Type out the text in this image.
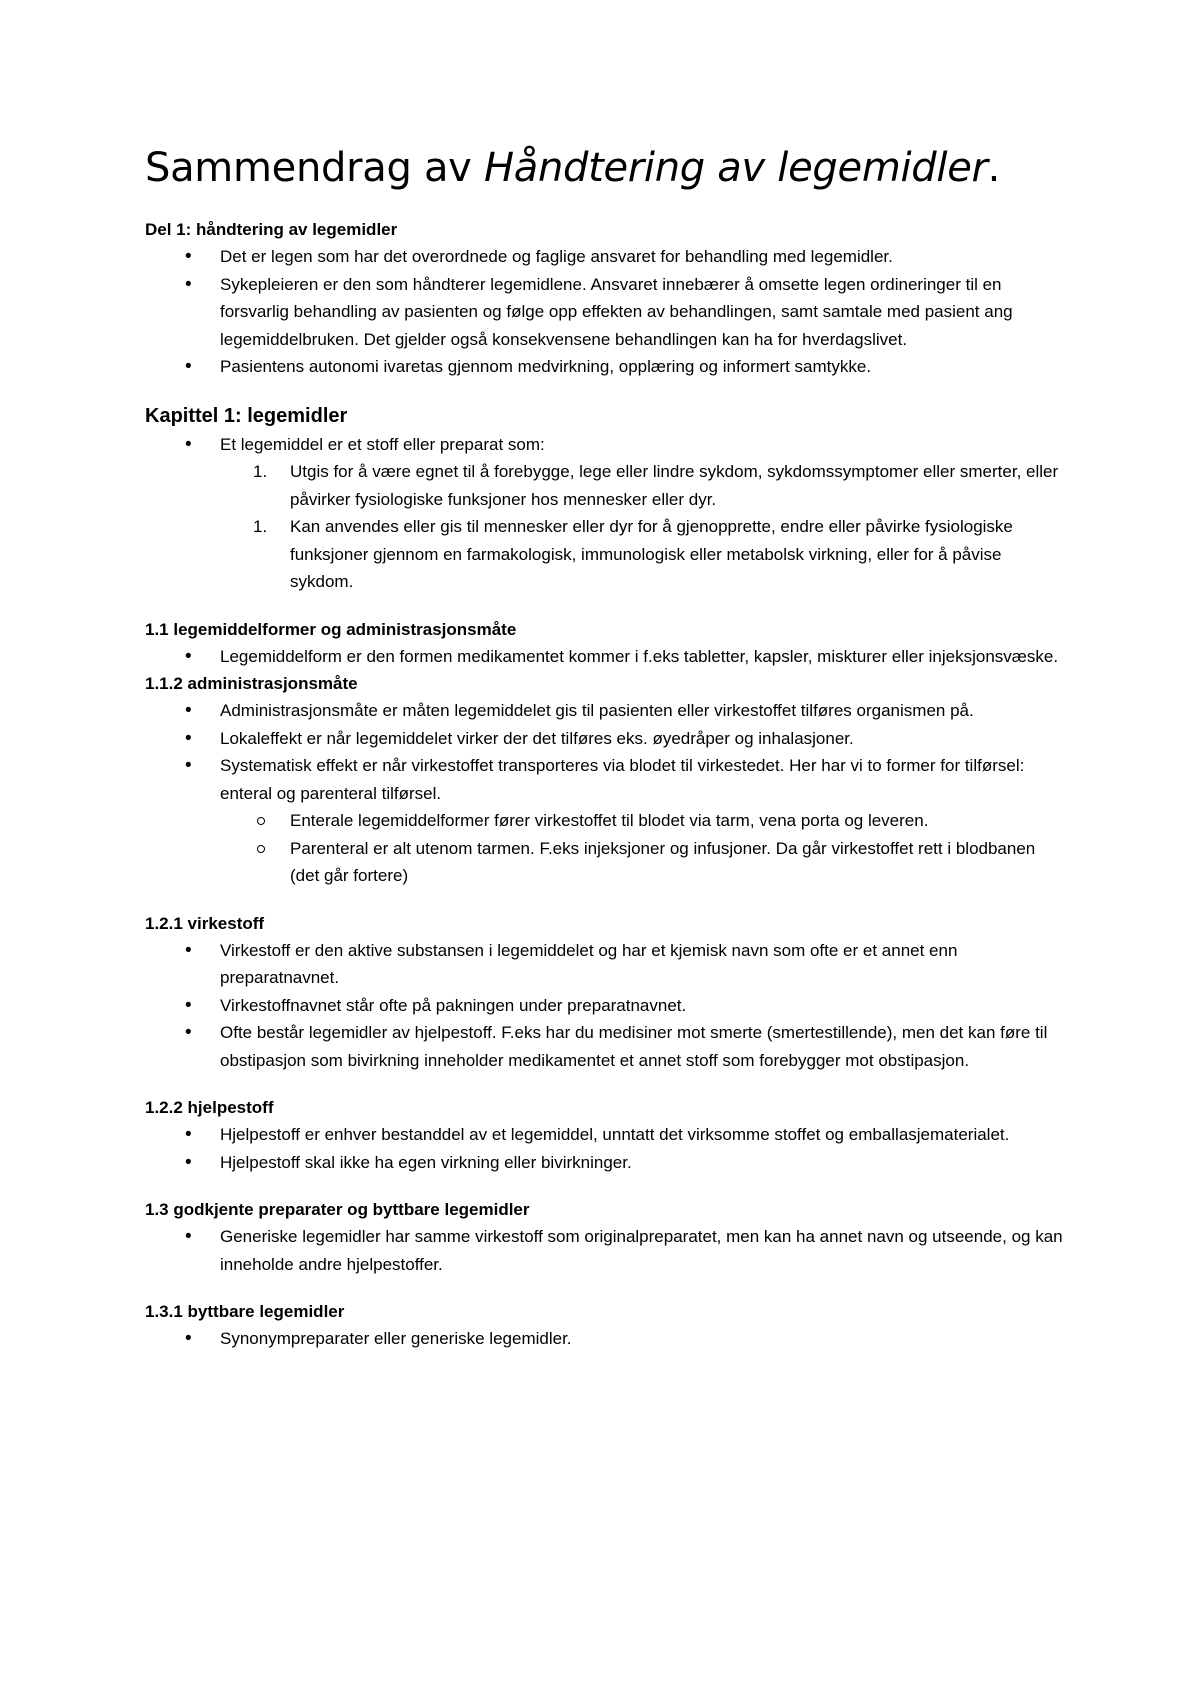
Sammendrag av Håndtering av legemidler.
Del 1: håndtering av legemidler
• Det er legen som har det overordnede og faglige ansvaret for behandling med legemidler.
• Sykepleieren er den som håndterer legemidlene. Ansvaret innebærer å omsette legen ordineringer til en forsvarlig behandling av pasienten og følge opp effekten av behandlingen, samt samtale med pasient ang legemiddelbruken. Det gjelder også konsekvensene behandlingen kan ha for hverdagslivet.
• Pasientens autonomi ivaretas gjennom medvirkning, opplæring og informert samtykke.
Kapittel 1: legemidler
• Et legemiddel er et stoff eller preparat som:
1. Utgis for å være egnet til å forebygge, lege eller lindre sykdom, sykdomssymptomer eller smerter, eller påvirker fysiologiske funksjoner hos mennesker eller dyr.
1. Kan anvendes eller gis til mennesker eller dyr for å gjenopprette, endre eller påvirke fysiologiske funksjoner gjennom en farmakologisk, immunologisk eller metabolsk virkning, eller for å påvise sykdom.
1.1 legemiddelformer og administrasjonsmåte
• Legemiddelform er den formen medikamentet kommer i f.eks tabletter, kapsler, miskturer eller injeksjonsvæske.
1.1.2 administrasjonsmåte
• Administrasjonsmåte er måten legemiddelet gis til pasienten eller virkestoffet tilføres organismen på.
• Lokaleffekt er når legemiddelet virker der det tilføres eks. øyedråper og inhalasjoner.
• Systematisk effekt er når virkestoffet transporteres via blodet til virkestedet. Her har vi to former for tilførsel: enteral og parenteral tilførsel.
Enterale legemiddelformer fører virkestoffet til blodet via tarm, vena porta og leveren.
Parenteral er alt utenom tarmen. F.eks injeksjoner og infusjoner. Da går virkestoffet rett i blodbanen (det går fortere)
1.2.1 virkestoff
• Virkestoff er den aktive substansen i legemiddelet og har et kjemisk navn som ofte er et annet enn preparatnavnet.
• Virkestoffnavnet står ofte på pakningen under preparatnavnet.
• Ofte består legemidler av hjelpestoff. F.eks har du medisiner mot smerte (smertestillende), men det kan føre til obstipasjon som bivirkning inneholder medikamentet et annet stoff som forebygger mot obstipasjon.
1.2.2 hjelpestoff
• Hjelpestoff er enhver bestanddel av et legemiddel, unntatt det virksomme stoffet og emballasjematerialet.
• Hjelpestoff skal ikke ha egen virkning eller bivirkninger.
1.3 godkjente preparater og byttbare legemidler
• Generiske legemidler har samme virkestoff som originalpreparatet, men kan ha annet navn og utseende, og kan inneholde andre hjelpestoffer.
1.3.1 byttbare legemidler
• Synonympreparater eller generiske legemidler.
